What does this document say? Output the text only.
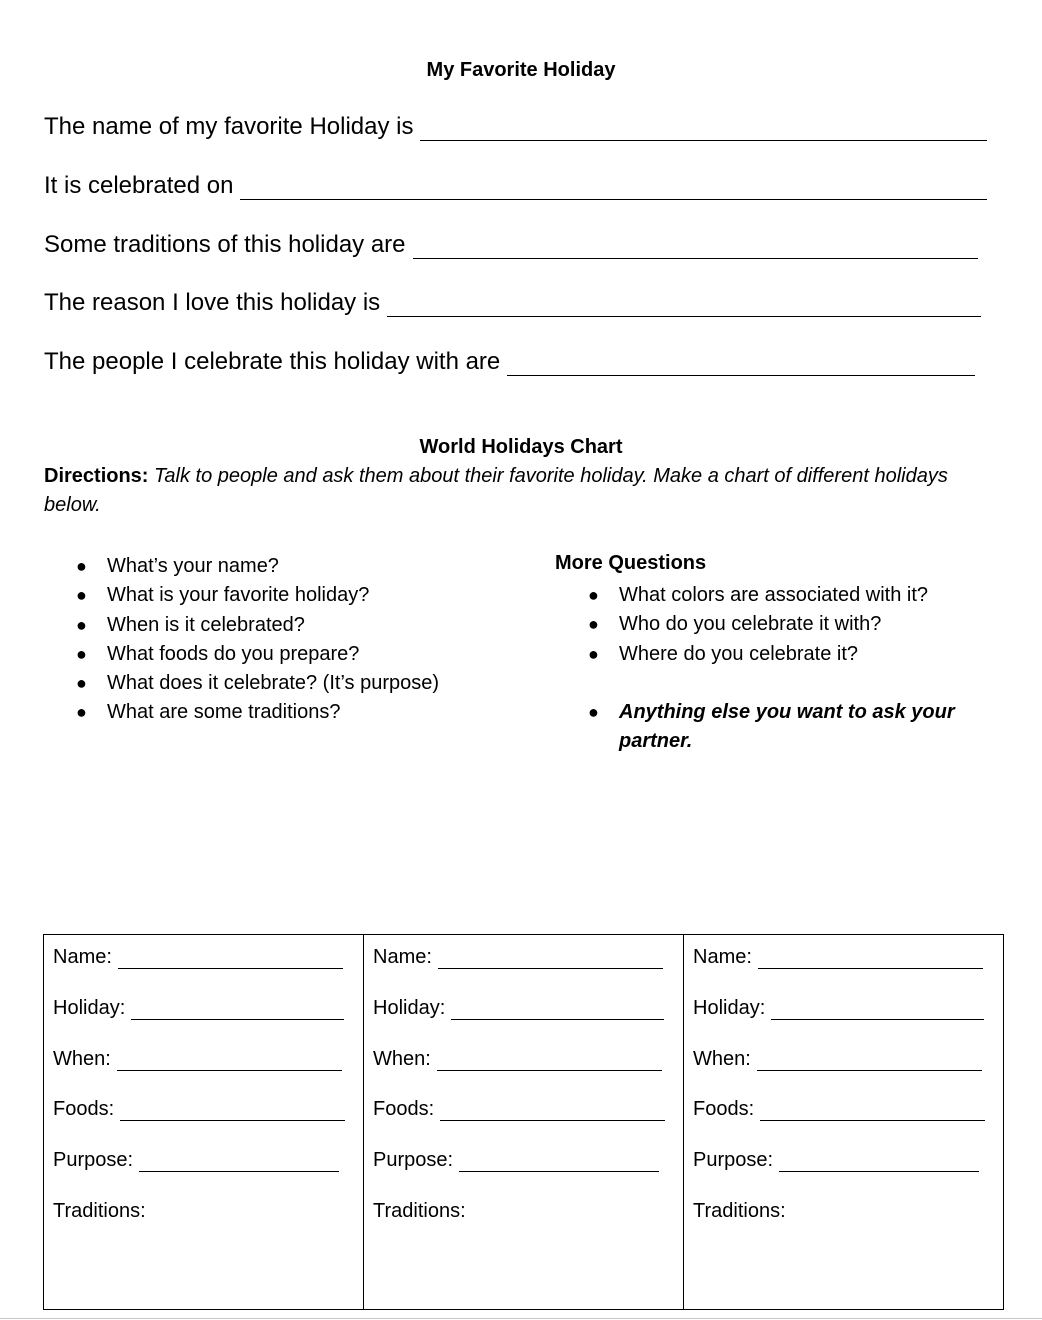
My Favorite Holiday
The name of my favorite Holiday is
It is celebrated on
Some traditions of this holiday are
The reason I love this holiday is
The people I celebrate this holiday with are
World Holidays Chart
Directions: Talk to people and ask them about their favorite holiday. Make a chart of different holidays below.
● What’s your name?
● What is your favorite holiday?
● When is it celebrated?
● What foods do you prepare?
● What does it celebrate? (It’s purpose)
● What are some traditions?
More Questions
● What colors are associated with it?
● Who do you celebrate it with?
● Where do you celebrate it?
● Anything else you want to ask your partner.
Name:
Holiday:
When:
Foods:
Purpose:
Traditions:

Name:
Holiday:
When:
Foods:
Purpose:
Traditions:

Name:
Holiday:
When:
Foods:
Purpose:
Traditions:
